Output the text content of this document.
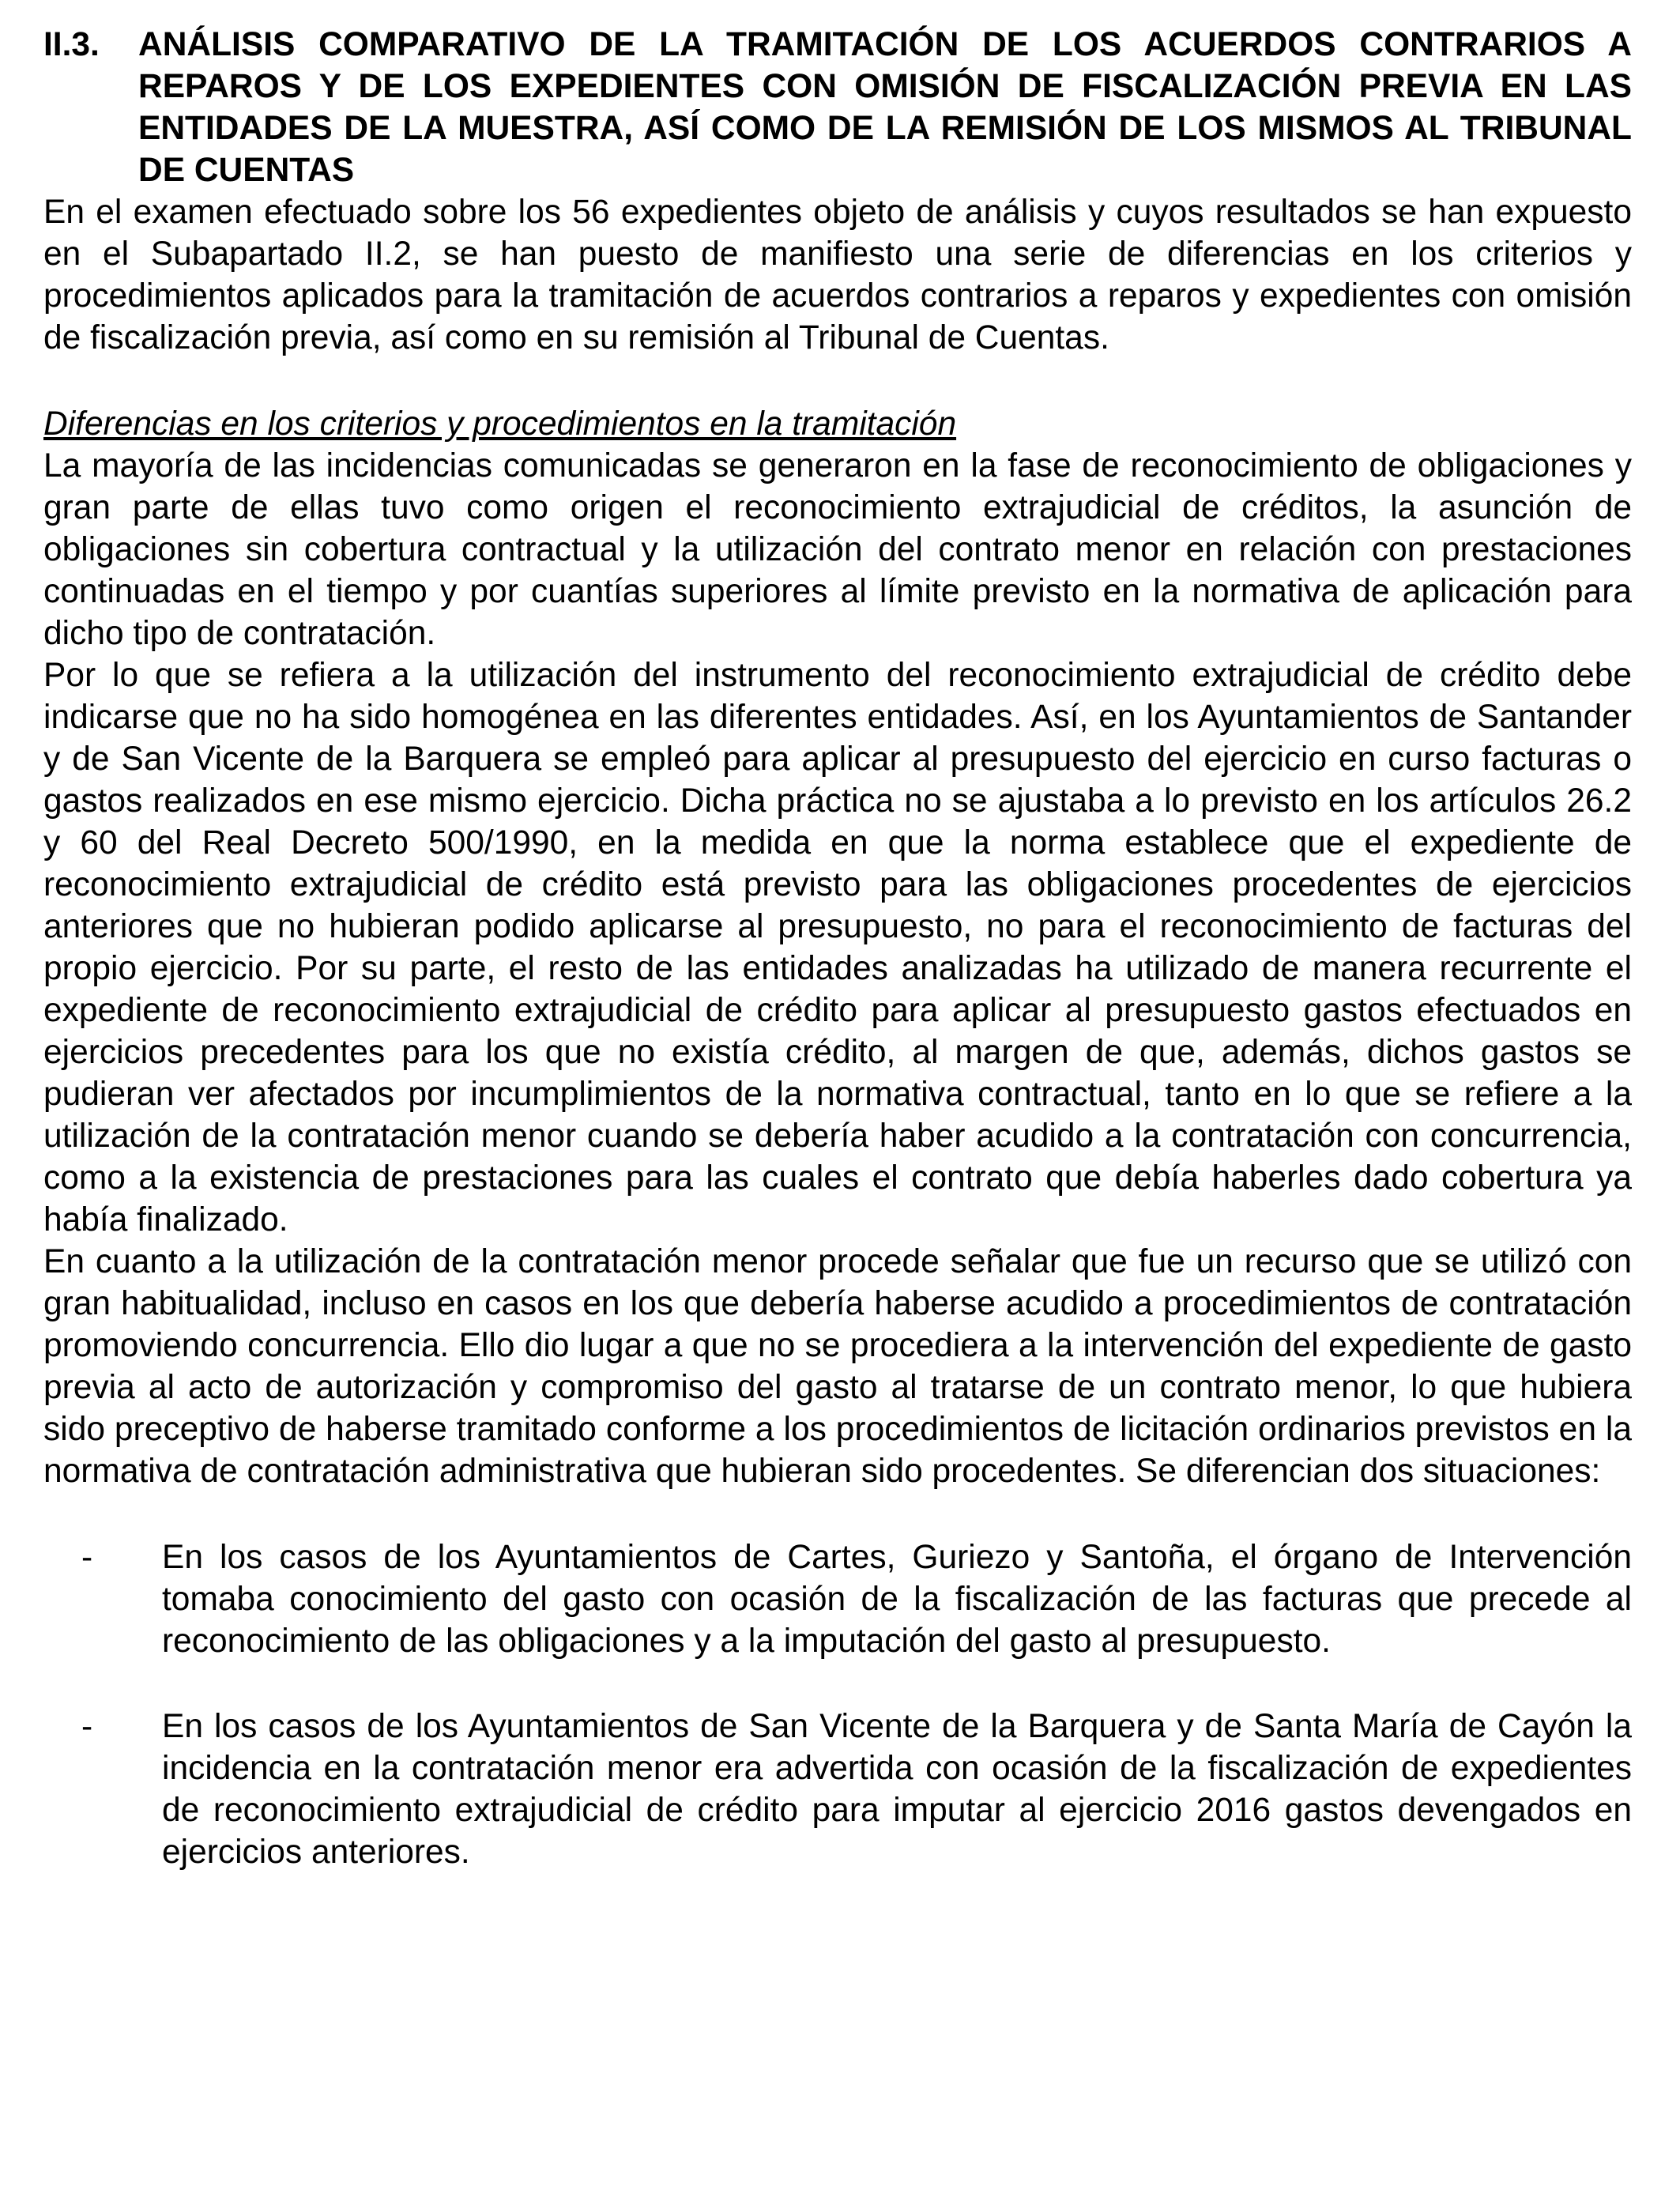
II.3.	ANÁLISIS COMPARATIVO DE LA TRAMITACIÓN DE LOS ACUERDOS CONTRARIOS A REPAROS Y DE LOS EXPEDIENTES CON OMISIÓN DE FISCALIZACIÓN PREVIA EN LAS ENTIDADES DE LA MUESTRA, ASÍ COMO DE LA REMISIÓN DE LOS MISMOS AL TRIBUNAL DE CUENTAS

En el examen efectuado sobre los 56 expedientes objeto de análisis y cuyos resultados se han expuesto en el Subapartado II.2, se han puesto de manifiesto una serie de diferencias en los criterios y procedimientos aplicados para la tramitación de acuerdos contrarios a reparos y expedientes con omisión de fiscalización previa, así como en su remisión al Tribunal de Cuentas.

Diferencias en los criterios y procedimientos en la tramitación

La mayoría de las incidencias comunicadas se generaron en la fase de reconocimiento de obligaciones y gran parte de ellas tuvo como origen el reconocimiento extrajudicial de créditos, la asunción de obligaciones sin cobertura contractual y la utilización del contrato menor en relación con prestaciones continuadas en el tiempo y por cuantías superiores al límite previsto en la normativa de aplicación para dicho tipo de contratación.

Por lo que se refiera a la utilización del instrumento del reconocimiento extrajudicial de crédito debe indicarse que no ha sido homogénea en las diferentes entidades. Así, en los Ayuntamientos de Santander y de San Vicente de la Barquera se empleó para aplicar al presupuesto del ejercicio en curso facturas o gastos realizados en ese mismo ejercicio. Dicha práctica no se ajustaba a lo previsto en los artículos 26.2 y 60 del Real Decreto 500/1990, en la medida en que la norma establece que el expediente de reconocimiento extrajudicial de crédito está previsto para las obligaciones procedentes de ejercicios anteriores que no hubieran podido aplicarse al presupuesto, no para el reconocimiento de facturas del propio ejercicio. Por su parte, el resto de las entidades analizadas ha utilizado de manera recurrente el expediente de reconocimiento extrajudicial de crédito para aplicar al presupuesto gastos efectuados en ejercicios precedentes para los que no existía crédito, al margen de que, además, dichos gastos se pudieran ver afectados por incumplimientos de la normativa contractual, tanto en lo que se refiere a la utilización de la contratación menor cuando se debería haber acudido a la contratación con concurrencia, como a la existencia de prestaciones para las cuales el contrato que debía haberles dado cobertura ya había finalizado.

En cuanto a la utilización de la contratación menor procede señalar que fue un recurso que se utilizó con gran habitualidad, incluso en casos en los que debería haberse acudido a procedimientos de contratación promoviendo concurrencia. Ello dio lugar a que no se procediera a la intervención del expediente de gasto previa al acto de autorización y compromiso del gasto al tratarse de un contrato menor, lo que hubiera sido preceptivo de haberse tramitado conforme a los procedimientos de licitación ordinarios previstos en la normativa de contratación administrativa que hubieran sido procedentes. Se diferencian dos situaciones:

-	En los casos de los Ayuntamientos de Cartes, Guriezo y Santoña, el órgano de Intervención tomaba conocimiento del gasto con ocasión de la fiscalización de las facturas que precede al reconocimiento de las obligaciones y a la imputación del gasto al presupuesto.
-	En los casos de los Ayuntamientos de San Vicente de la Barquera y de Santa María de Cayón la incidencia en la contratación menor era advertida con ocasión de la fiscalización de expedientes de reconocimiento extrajudicial de crédito para imputar al ejercicio 2016 gastos devengados en ejercicios anteriores.
